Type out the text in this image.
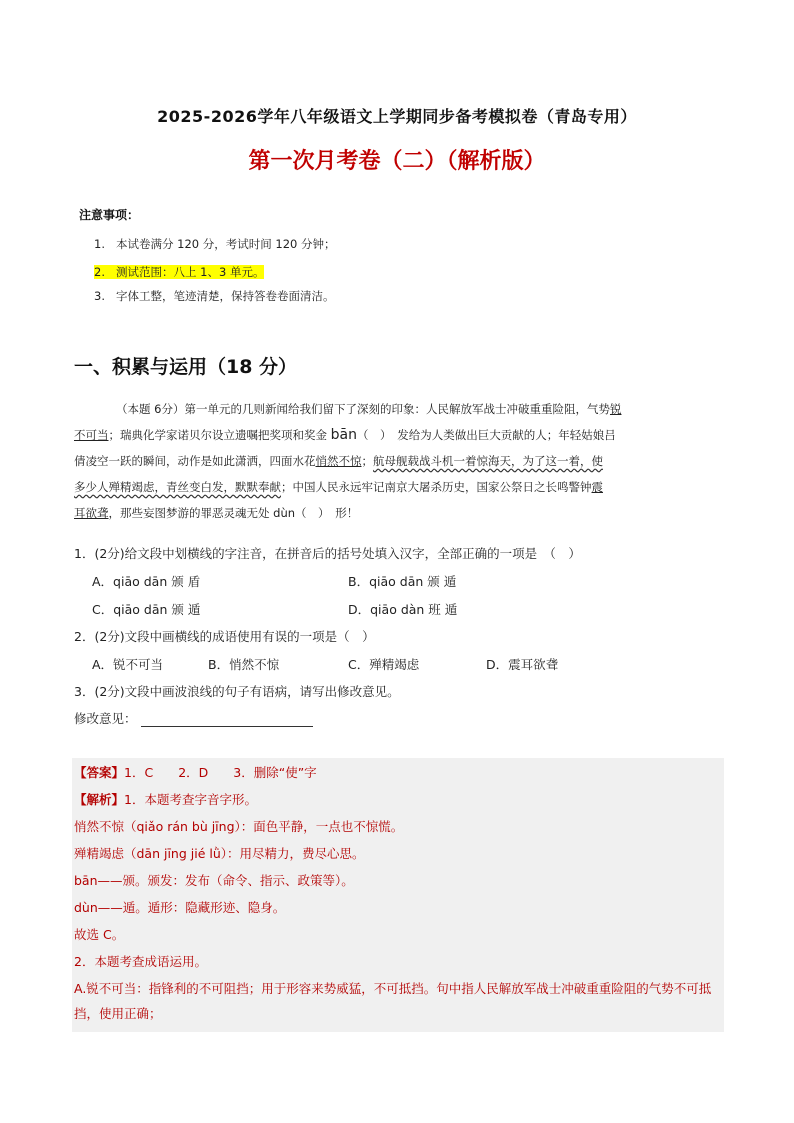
2025-2026学年八年级语文上学期同步备考模拟卷（青岛专用）
第一次月考卷（二）（解析版）
注意事项：
1. 本试卷满分 120 分，考试时间 120 分钟；
2. 测试范围：八上 1、3 单元。
3. 字体工整，笔迹清楚，保持答卷卷面清洁。
一、积累与运用（18 分）
（本题 6分）第一单元的几则新闻给我们留下了深刻的印象：人民解放军战士冲破重重险阻，气势锐
不可当；瑞典化学家诺贝尔设立遗嘱把奖项和奖金 bān（　）　发给为人类做出巨大贡献的人；年轻姑娘吕
倩凌空一跃的瞬间，动作是如此潇洒，四面水花悄然不惊；航母舰载战斗机一着惊海天，为了这一着，使
多少人殚精竭虑，青丝变白发，默默奉献；中国人民永远牢记南京大屠杀历史，国家公祭日之长鸣警钟震
耳欲聋，那些妄图梦游的罪恶灵魂无处 dùn（　）　形！
1．(2分)给文段中划横线的字注音，在拼音后的括号处填入汉字，全部正确的一项是　（　）
A．qiāo dān 颁 盾	B．qiāo dān 颁 遁
C．qiāo dān 颁 遁	D．qiāo dàn 班 遁
2．(2分)文段中画横线的成语使用有误的一项是（　）
A．锐不可当	B．悄然不惊	C．殚精竭虑	D．震耳欲聋
3．(2分)文段中画波浪线的句子有语病，请写出修改意见。
修改意见：
【答案】1．C　　2．D　　3．删除“使”字
【解析】1．本题考查字音字形。
悄然不惊（qiǎo rán bù jīng）：面色平静，一点也不惊慌。
殚精竭虑（dān jīng jié lǜ）：用尽精力，费尽心思。
bān——颁。颁发：发布（命令、指示、政策等）。
dùn——遁。遁形：隐藏形迹、隐身。
故选 C。
2．本题考查成语运用。
A.锐不可当：指锋利的不可阻挡；用于形容来势威猛，不可抵挡。句中指人民解放军战士冲破重重险阻的气势不可抵挡，使用正确；
